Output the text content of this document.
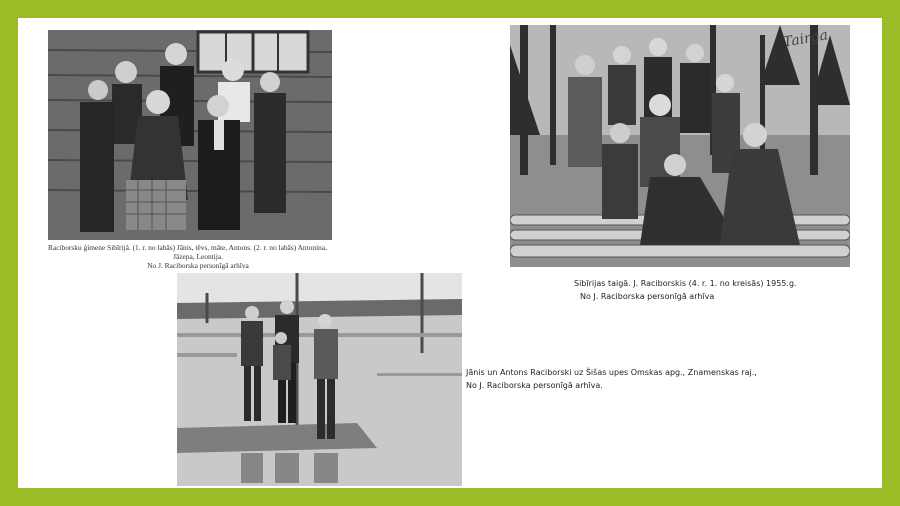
Raciborsku ģimene Sibīrijā. (1. r. no labās) Jānis, tēvs, māte, Antons. (2. r. no labās) Antonina,
Jāzepa, Leontija.
No J. Raciborska personīgā arhīva
Tairga
Sibīrijas taigā. J. Raciborskis (4. r. 1. no kreisās) 1955.g.
No J. Raciborska personīgā arhīva
Jānis un Antons Raciborski uz Šišas upes Omskas apg., Znamenskas raj.,
No J. Raciborska personīgā arhīva.
